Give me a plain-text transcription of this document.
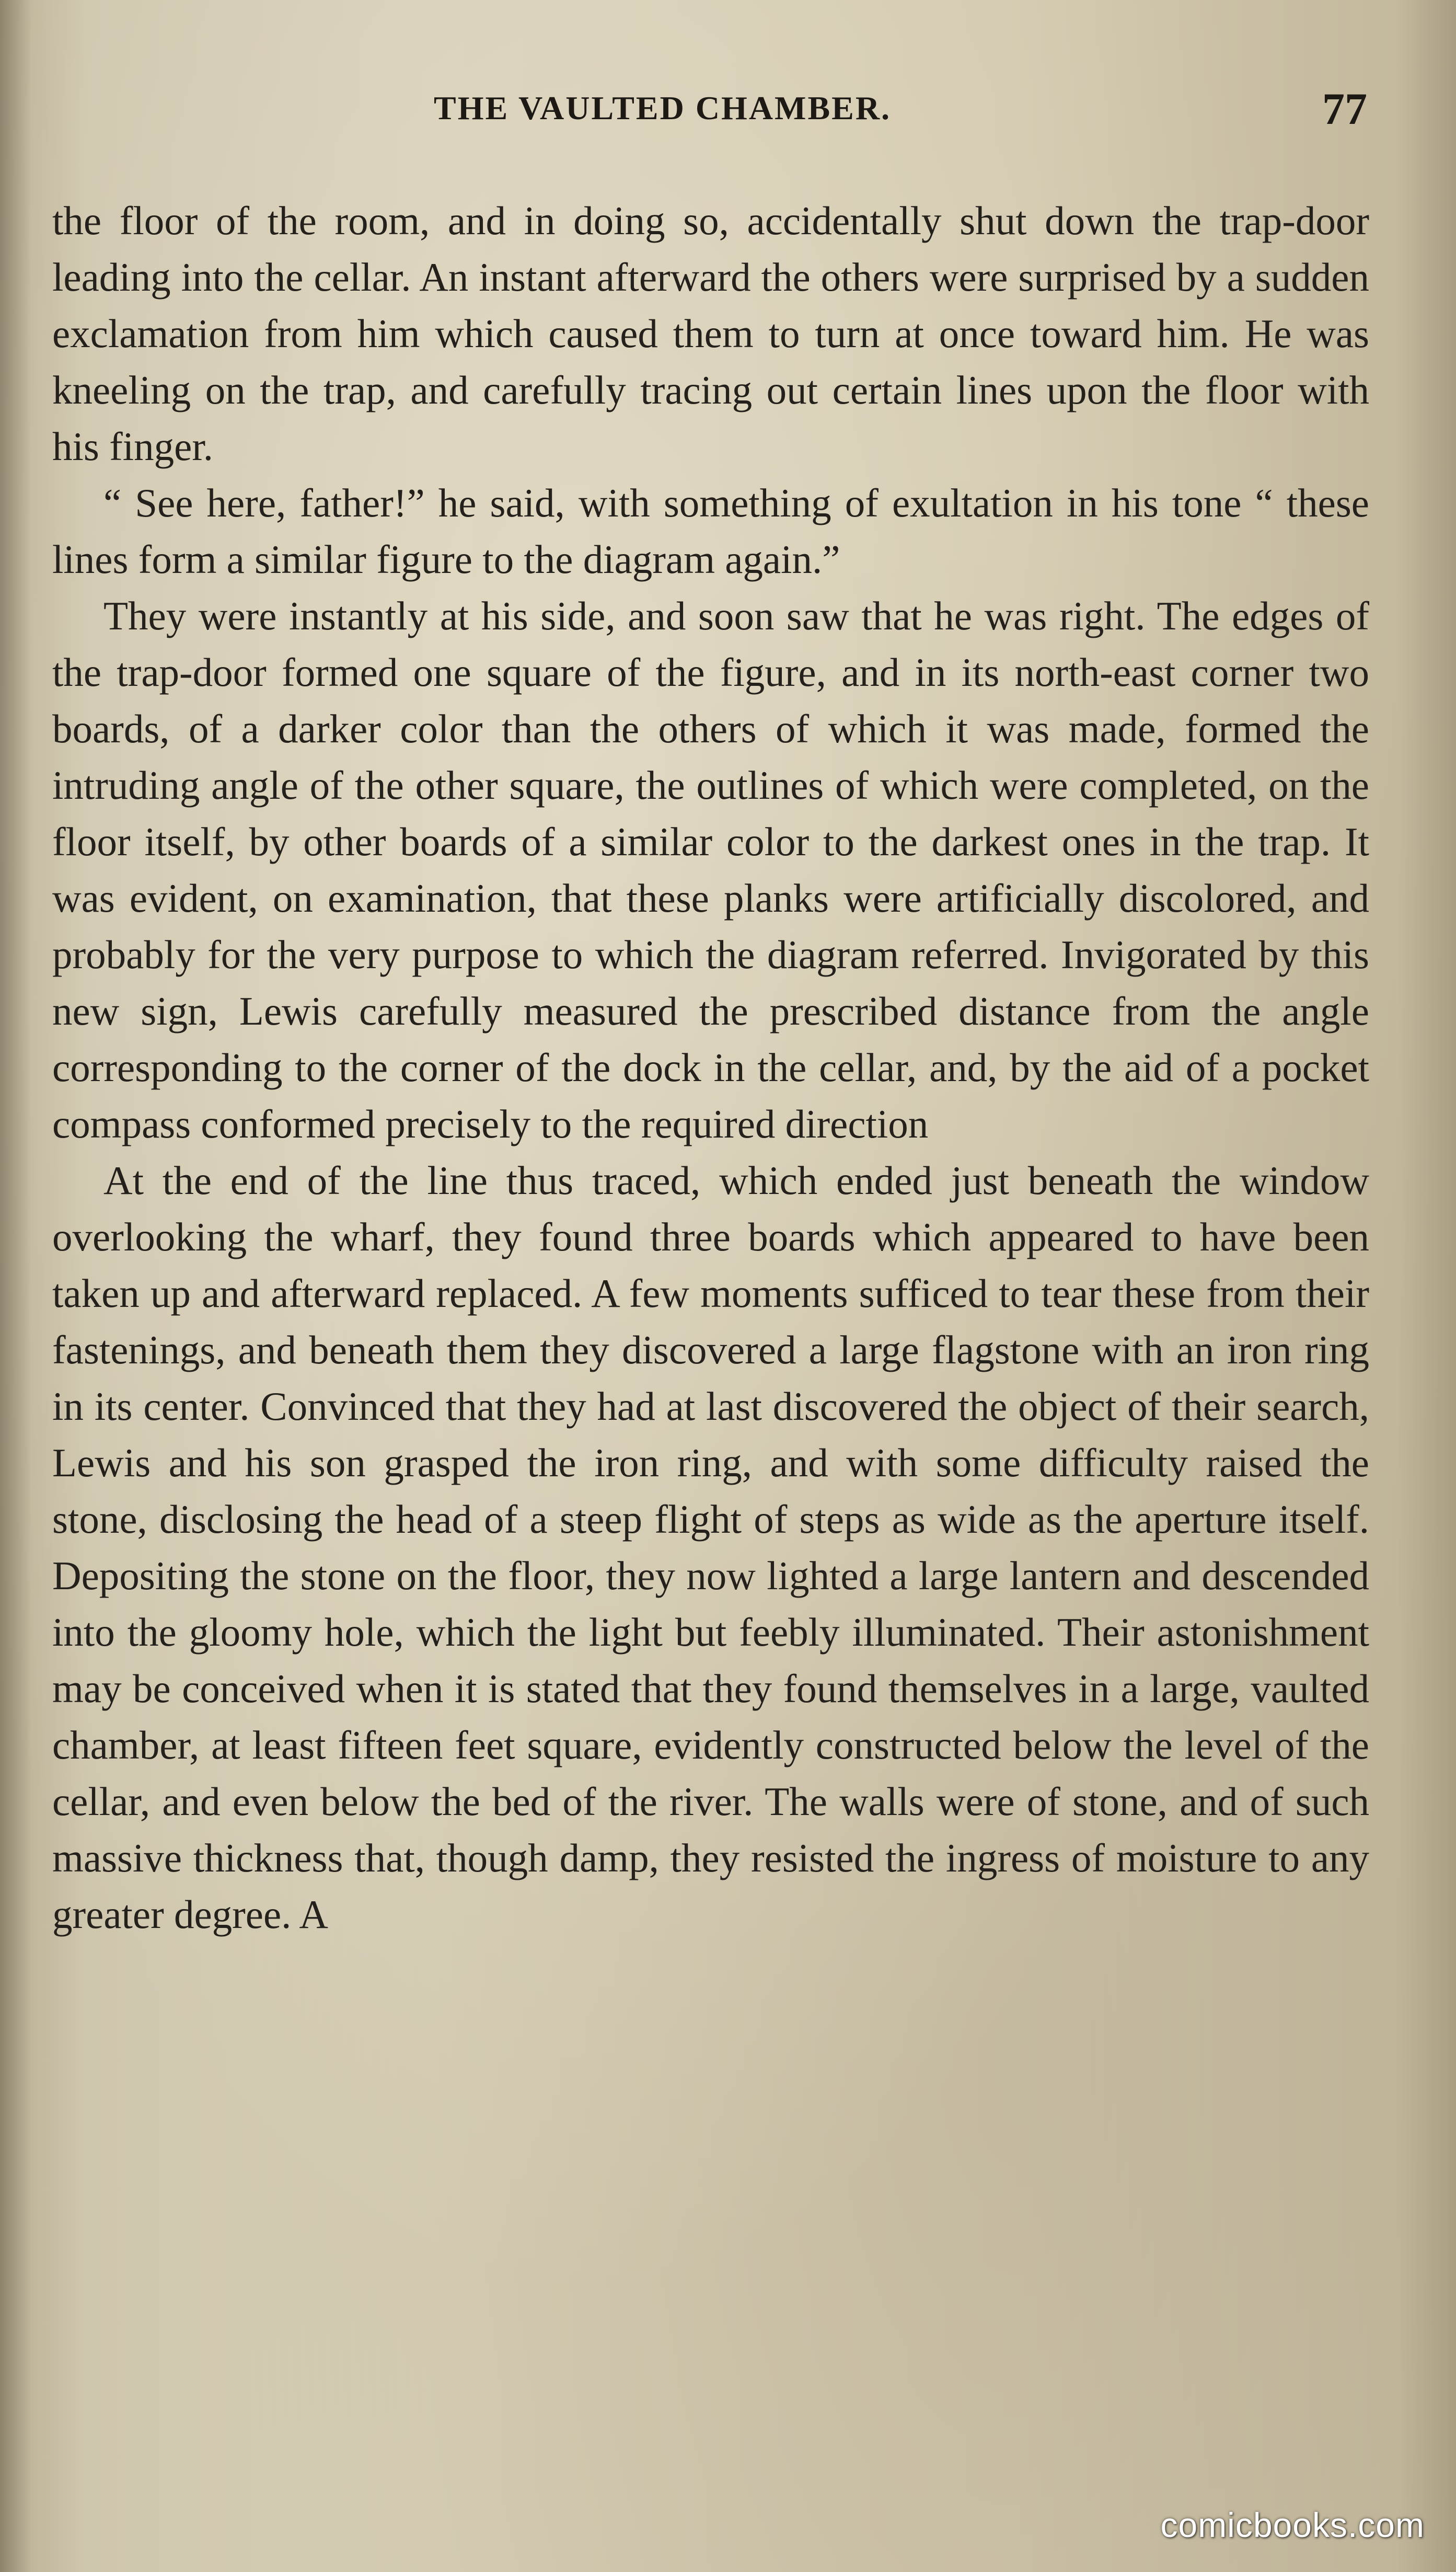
THE VAULTED CHAMBER.	77

the floor of the room, and in doing so, accidentally shut down the trap-door leading into the cellar. An instant afterward the others were surprised by a sudden exclamation from him which caused them to turn at once toward him. He was kneeling on the trap, and carefully tracing out certain lines upon the floor with his finger.

“ See here, father!” he said, with something of exultation in his tone “ these lines form a similar figure to the diagram again.”

They were instantly at his side, and soon saw that he was right. The edges of the trap-door formed one square of the figure, and in its north-east corner two boards, of a darker color than the others of which it was made, formed the intruding angle of the other square, the outlines of which were completed, on the floor itself, by other boards of a similar color to the darkest ones in the trap. It was evident, on examination, that these planks were artificially discolored, and probably for the very purpose to which the diagram referred. Invigorated by this new sign, Lewis carefully measured the prescribed distance from the angle corresponding to the corner of the dock in the cellar, and, by the aid of a pocket compass conformed precisely to the required direction

At the end of the line thus traced, which ended just beneath the window overlooking the wharf, they found three boards which appeared to have been taken up and afterward replaced. A few moments sufficed to tear these from their fastenings, and beneath them they discovered a large flagstone with an iron ring in its center. Convinced that they had at last discovered the object of their search, Lewis and his son grasped the iron ring, and with some difficulty raised the stone, disclosing the head of a steep flight of steps as wide as the aperture itself. Depositing the stone on the floor, they now lighted a large lantern and descended into the gloomy hole, which the light but feebly illuminated. Their astonishment may be conceived when it is stated that they found themselves in a large, vaulted chamber, at least fifteen feet square, evidently constructed below the level of the cellar, and even below the bed of the river. The walls were of stone, and of such massive thickness that, though damp, they resisted the ingress of moisture to any greater degree. A

comicbooks.com
